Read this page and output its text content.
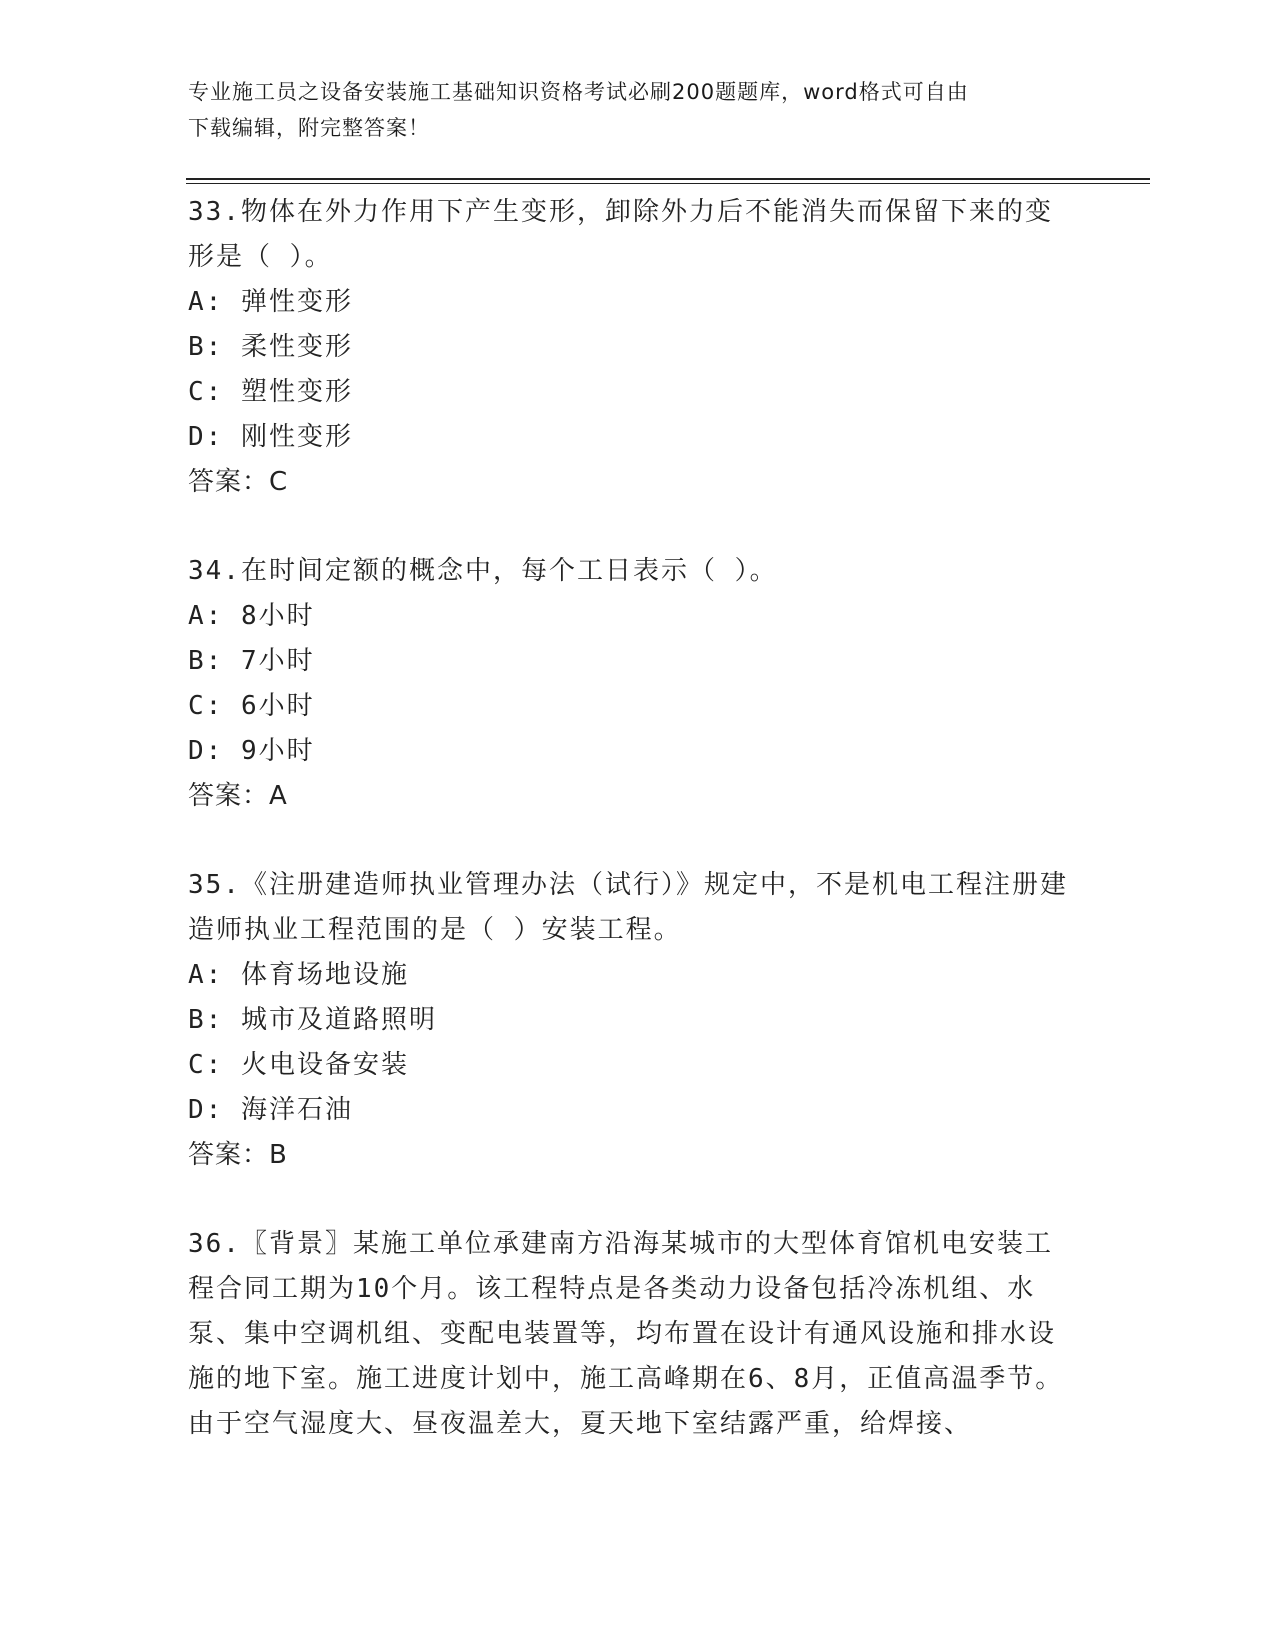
专业施工员之设备安装施工基础知识资格考试必刷200题题库，word格式可自由
下载编辑，附完整答案！

33.物体在外力作用下产生变形，卸除外力后不能消失而保留下来的变形是（ ）。

A: 弹性变形

B: 柔性变形

C: 塑性变形

D: 刚性变形

答案：C

34.在时间定额的概念中，每个工日表示（ ）。

A: 8小时

B: 7小时

C: 6小时

D: 9小时

答案：A

35.《注册建造师执业管理办法（试行）》规定中，不是机电工程注册建造师执业工程范围的是（ ）安装工程。

A: 体育场地设施

B: 城市及道路照明

C: 火电设备安装

D: 海洋石油

答案：B

36.〖背景〗某施工单位承建南方沿海某城市的大型体育馆机电安装工程合同工期为10个月。该工程特点是各类动力设备包括冷冻机组、水泵、集中空调机组、变配电装置等，均布置在设计有通风设施和排水设施的地下室。施工进度计划中，施工高峰期在6、8月，正值高温季节。由于空气湿度大、昼夜温差大，夏天地下室结露严重，给焊接、
